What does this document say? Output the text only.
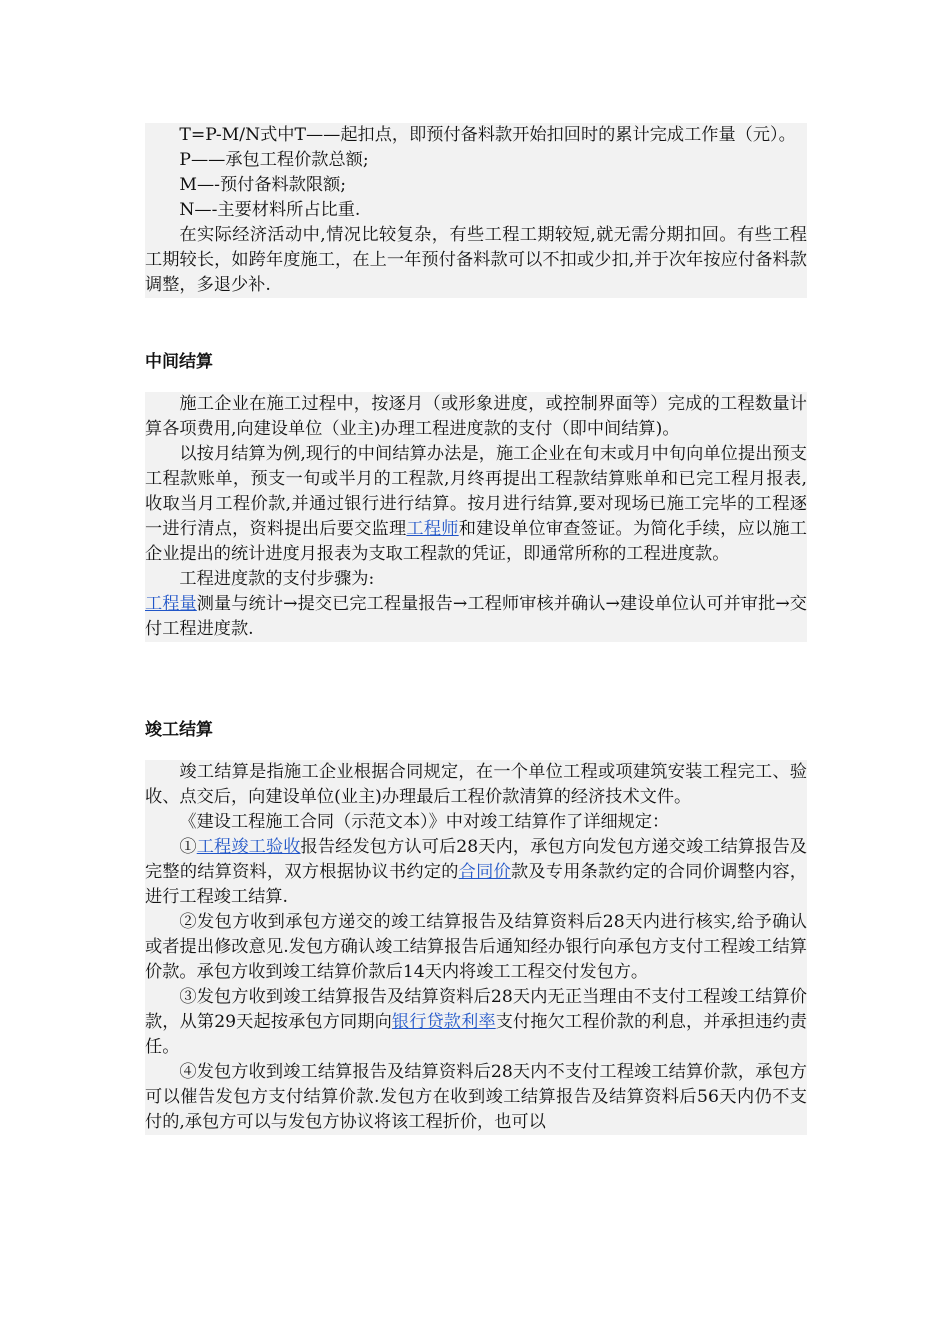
T=P-M/N式中T——起扣点，即预付备料款开始扣回时的累计完成工作量（元）。

P——承包工程价款总额;

M—-预付备料款限额;

N—-主要材料所占比重.

在实际经济活动中,情况比较复杂，有些工程工期较短,就无需分期扣回。有些工程工期较长，如跨年度施工，在上一年预付备料款可以不扣或少扣,并于次年按应付备料款调整，多退少补.

中间结算

施工企业在施工过程中，按逐月（或形象进度，或控制界面等）完成的工程数量计算各项费用,向建设单位（业主)办理工程进度款的支付（即中间结算)。

以按月结算为例,现行的中间结算办法是，施工企业在旬末或月中旬向单位提出预支工程款账单，预支一旬或半月的工程款,月终再提出工程款结算账单和已完工程月报表,收取当月工程价款,并通过银行进行结算。按月进行结算,要对现场已施工完毕的工程逐一进行清点，资料提出后要交监理工程师和建设单位审查签证。为简化手续，应以施工企业提出的统计进度月报表为支取工程款的凭证，即通常所称的工程进度款。

工程进度款的支付步骤为:

工程量测量与统计→提交已完工程量报告→工程师审核并确认→建设单位认可并审批→交付工程进度款.

竣工结算

竣工结算是指施工企业根据合同规定，在一个单位工程或项建筑安装工程完工、验收、点交后，向建设单位(业主)办理最后工程价款清算的经济技术文件。

《建设工程施工合同（示范文本）》中对竣工结算作了详细规定：

①工程竣工验收报告经发包方认可后28天内，承包方向发包方递交竣工结算报告及完整的结算资料，双方根据协议书约定的合同价款及专用条款约定的合同价调整内容，进行工程竣工结算.

②发包方收到承包方递交的竣工结算报告及结算资料后28天内进行核实,给予确认或者提出修改意见.发包方确认竣工结算报告后通知经办银行向承包方支付工程竣工结算价款。承包方收到竣工结算价款后14天内将竣工工程交付发包方。

③发包方收到竣工结算报告及结算资料后28天内无正当理由不支付工程竣工结算价款，从第29天起按承包方同期向银行贷款利率支付拖欠工程价款的利息，并承担违约责任。

④发包方收到竣工结算报告及结算资料后28天内不支付工程竣工结算价款，承包方可以催告发包方支付结算价款.发包方在收到竣工结算报告及结算资料后56天内仍不支付的,承包方可以与发包方协议将该工程折价，也可以
